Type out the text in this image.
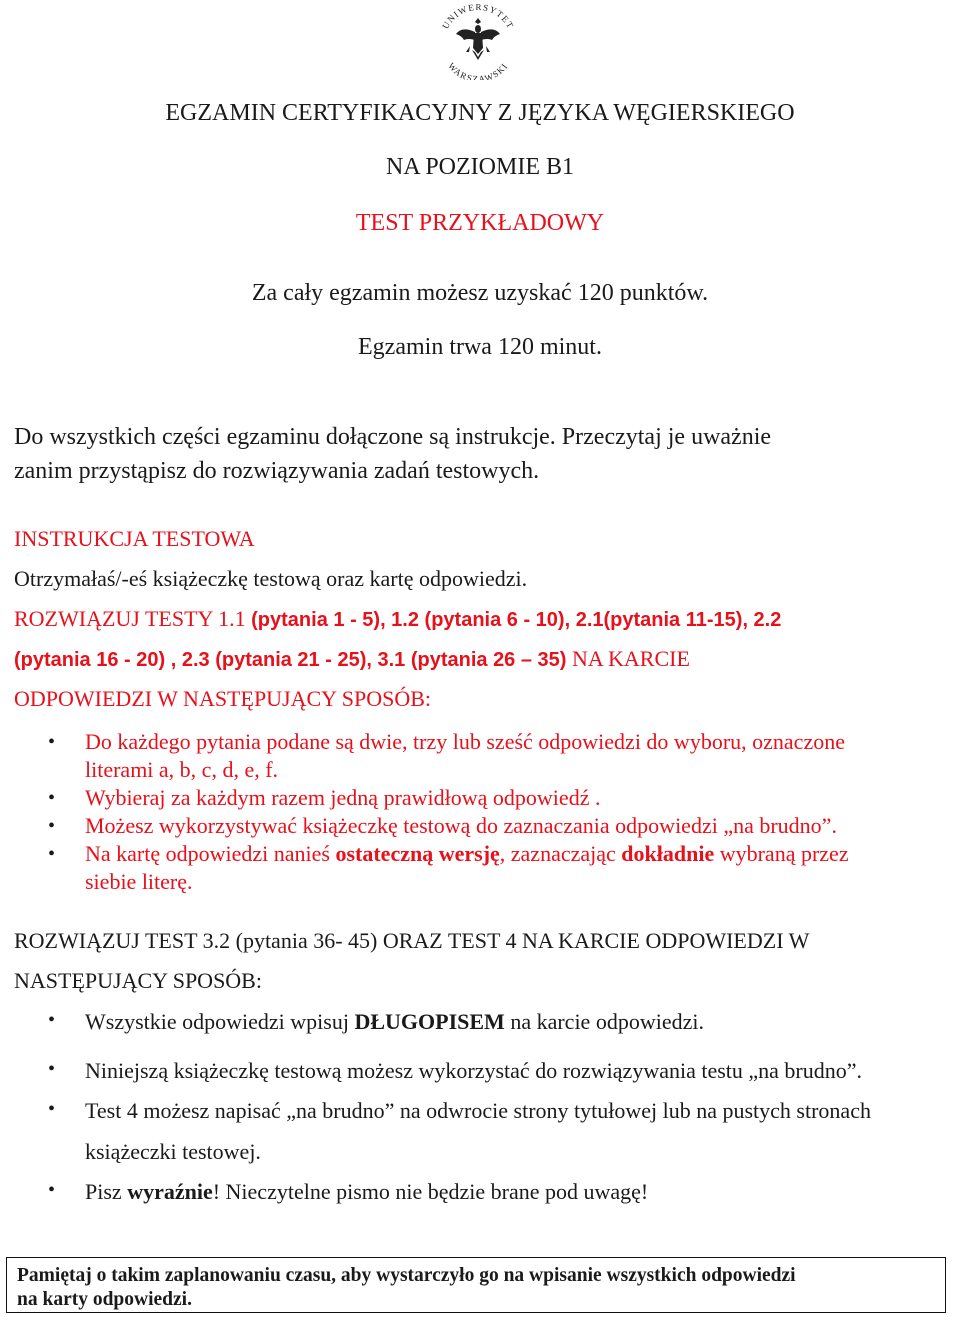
UNIWERSYTET
WARSZAWSKI
EGZAMIN CERTYFIKACYJNY Z JĘZYKA WĘGIERSKIEGO
NA POZIOMIE B1
TEST PRZYKŁADOWY
Za cały egzamin możesz uzyskać 120 punktów.
Egzamin trwa 120 minut.
Do wszystkich części egzaminu dołączone są instrukcje. Przeczytaj je uważnie
zanim przystąpisz do rozwiązywania zadań testowych.
INSTRUKCJA TESTOWA
Otrzymałaś/-eś książeczkę testową oraz kartę odpowiedzi.
ROZWIĄZUJ TESTY 1.1 (pytania 1 - 5), 1.2 (pytania 6 - 10), 2.1(pytania 11-15), 2.2
(pytania 16 - 20) , 2.3 (pytania 21 - 25), 3.1 (pytania 26 – 35) NA KARCIE
ODPOWIEDZI W NASTĘPUJĄCY SPOSÓB:
• Do każdego pytania podane są dwie, trzy lub sześć odpowiedzi do wyboru, oznaczone
literami a, b, c, d, e, f.
• Wybieraj za każdym razem jedną prawidłową odpowiedź .
• Możesz wykorzystywać książeczkę testową do zaznaczania odpowiedzi „na brudno”.
• Na kartę odpowiedzi nanieś ostateczną wersję, zaznaczając dokładnie wybraną przez
siebie literę.
ROZWIĄZUJ TEST 3.2 (pytania 36- 45) ORAZ TEST 4 NA KARCIE ODPOWIEDZI W
NASTĘPUJĄCY SPOSÓB:
• Wszystkie odpowiedzi wpisuj DŁUGOPISEM na karcie odpowiedzi.
• Niniejszą książeczkę testową możesz wykorzystać do rozwiązywania testu „na brudno”.
• Test 4 możesz napisać „na brudno” na odwrocie strony tytułowej lub na pustych stronach
książeczki testowej.
• Pisz wyraźnie! Nieczytelne pismo nie będzie brane pod uwagę!
Pamiętaj o takim zaplanowaniu czasu, aby wystarczyło go na wpisanie wszystkich odpowiedzi
na karty odpowiedzi.
